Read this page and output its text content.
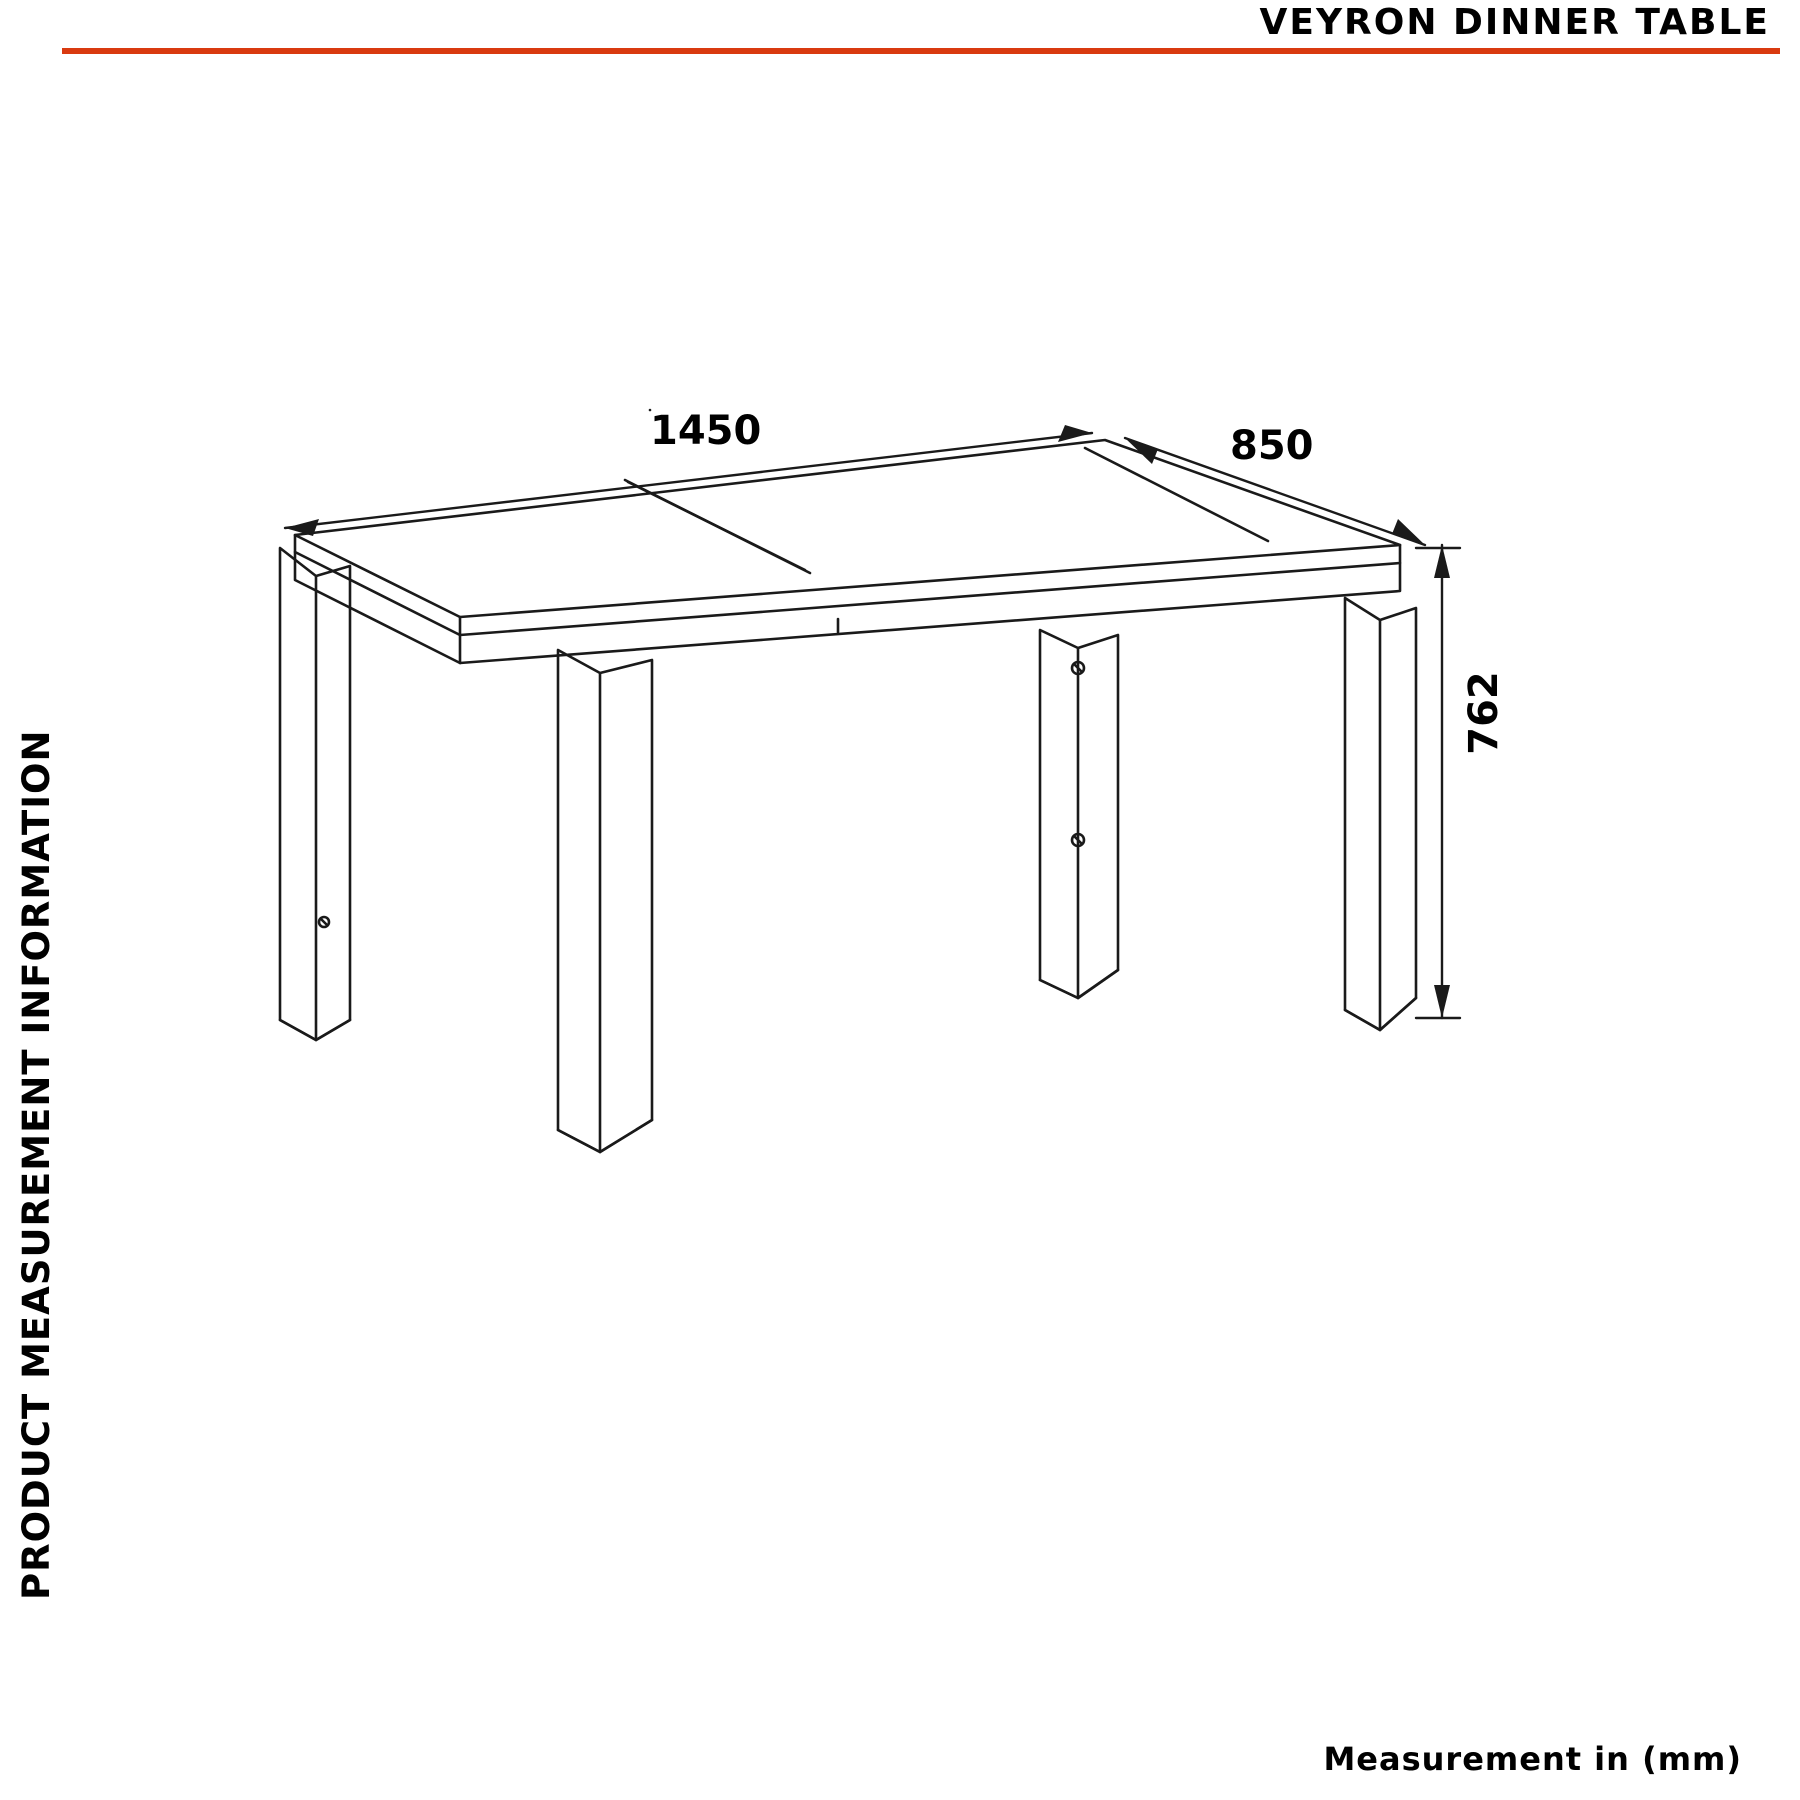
VEYRON DINNER TABLE
PRODUCT MEASUREMENT INFORMATION
1450	850
762
Measurement in (mm)
